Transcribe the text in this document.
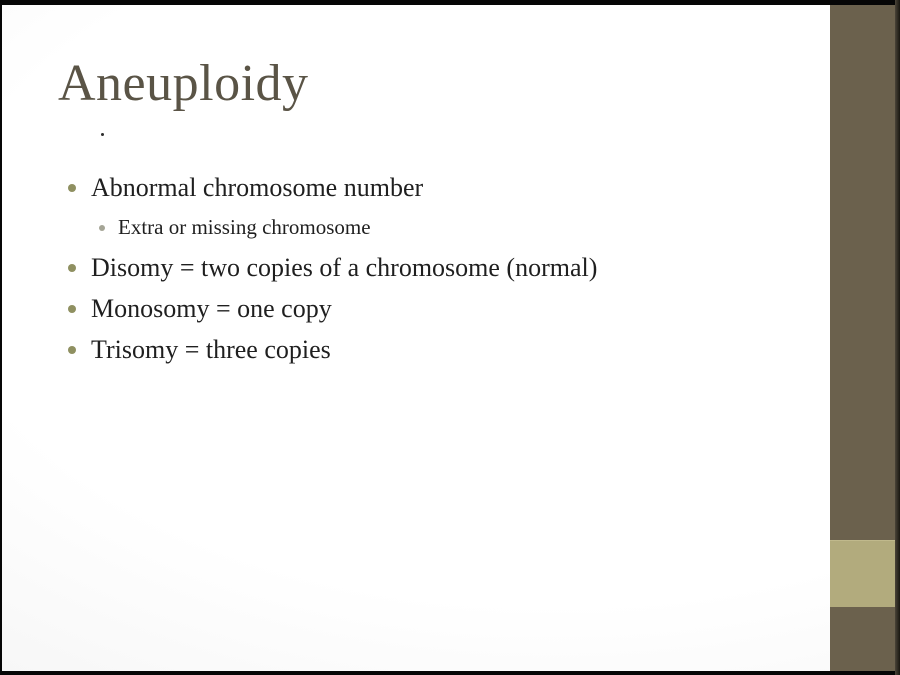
Aneuploidy
Abnormal chromosome number
Extra or missing chromosome
Disomy = two copies of a chromosome (normal)
Monosomy = one copy
Trisomy = three copies
